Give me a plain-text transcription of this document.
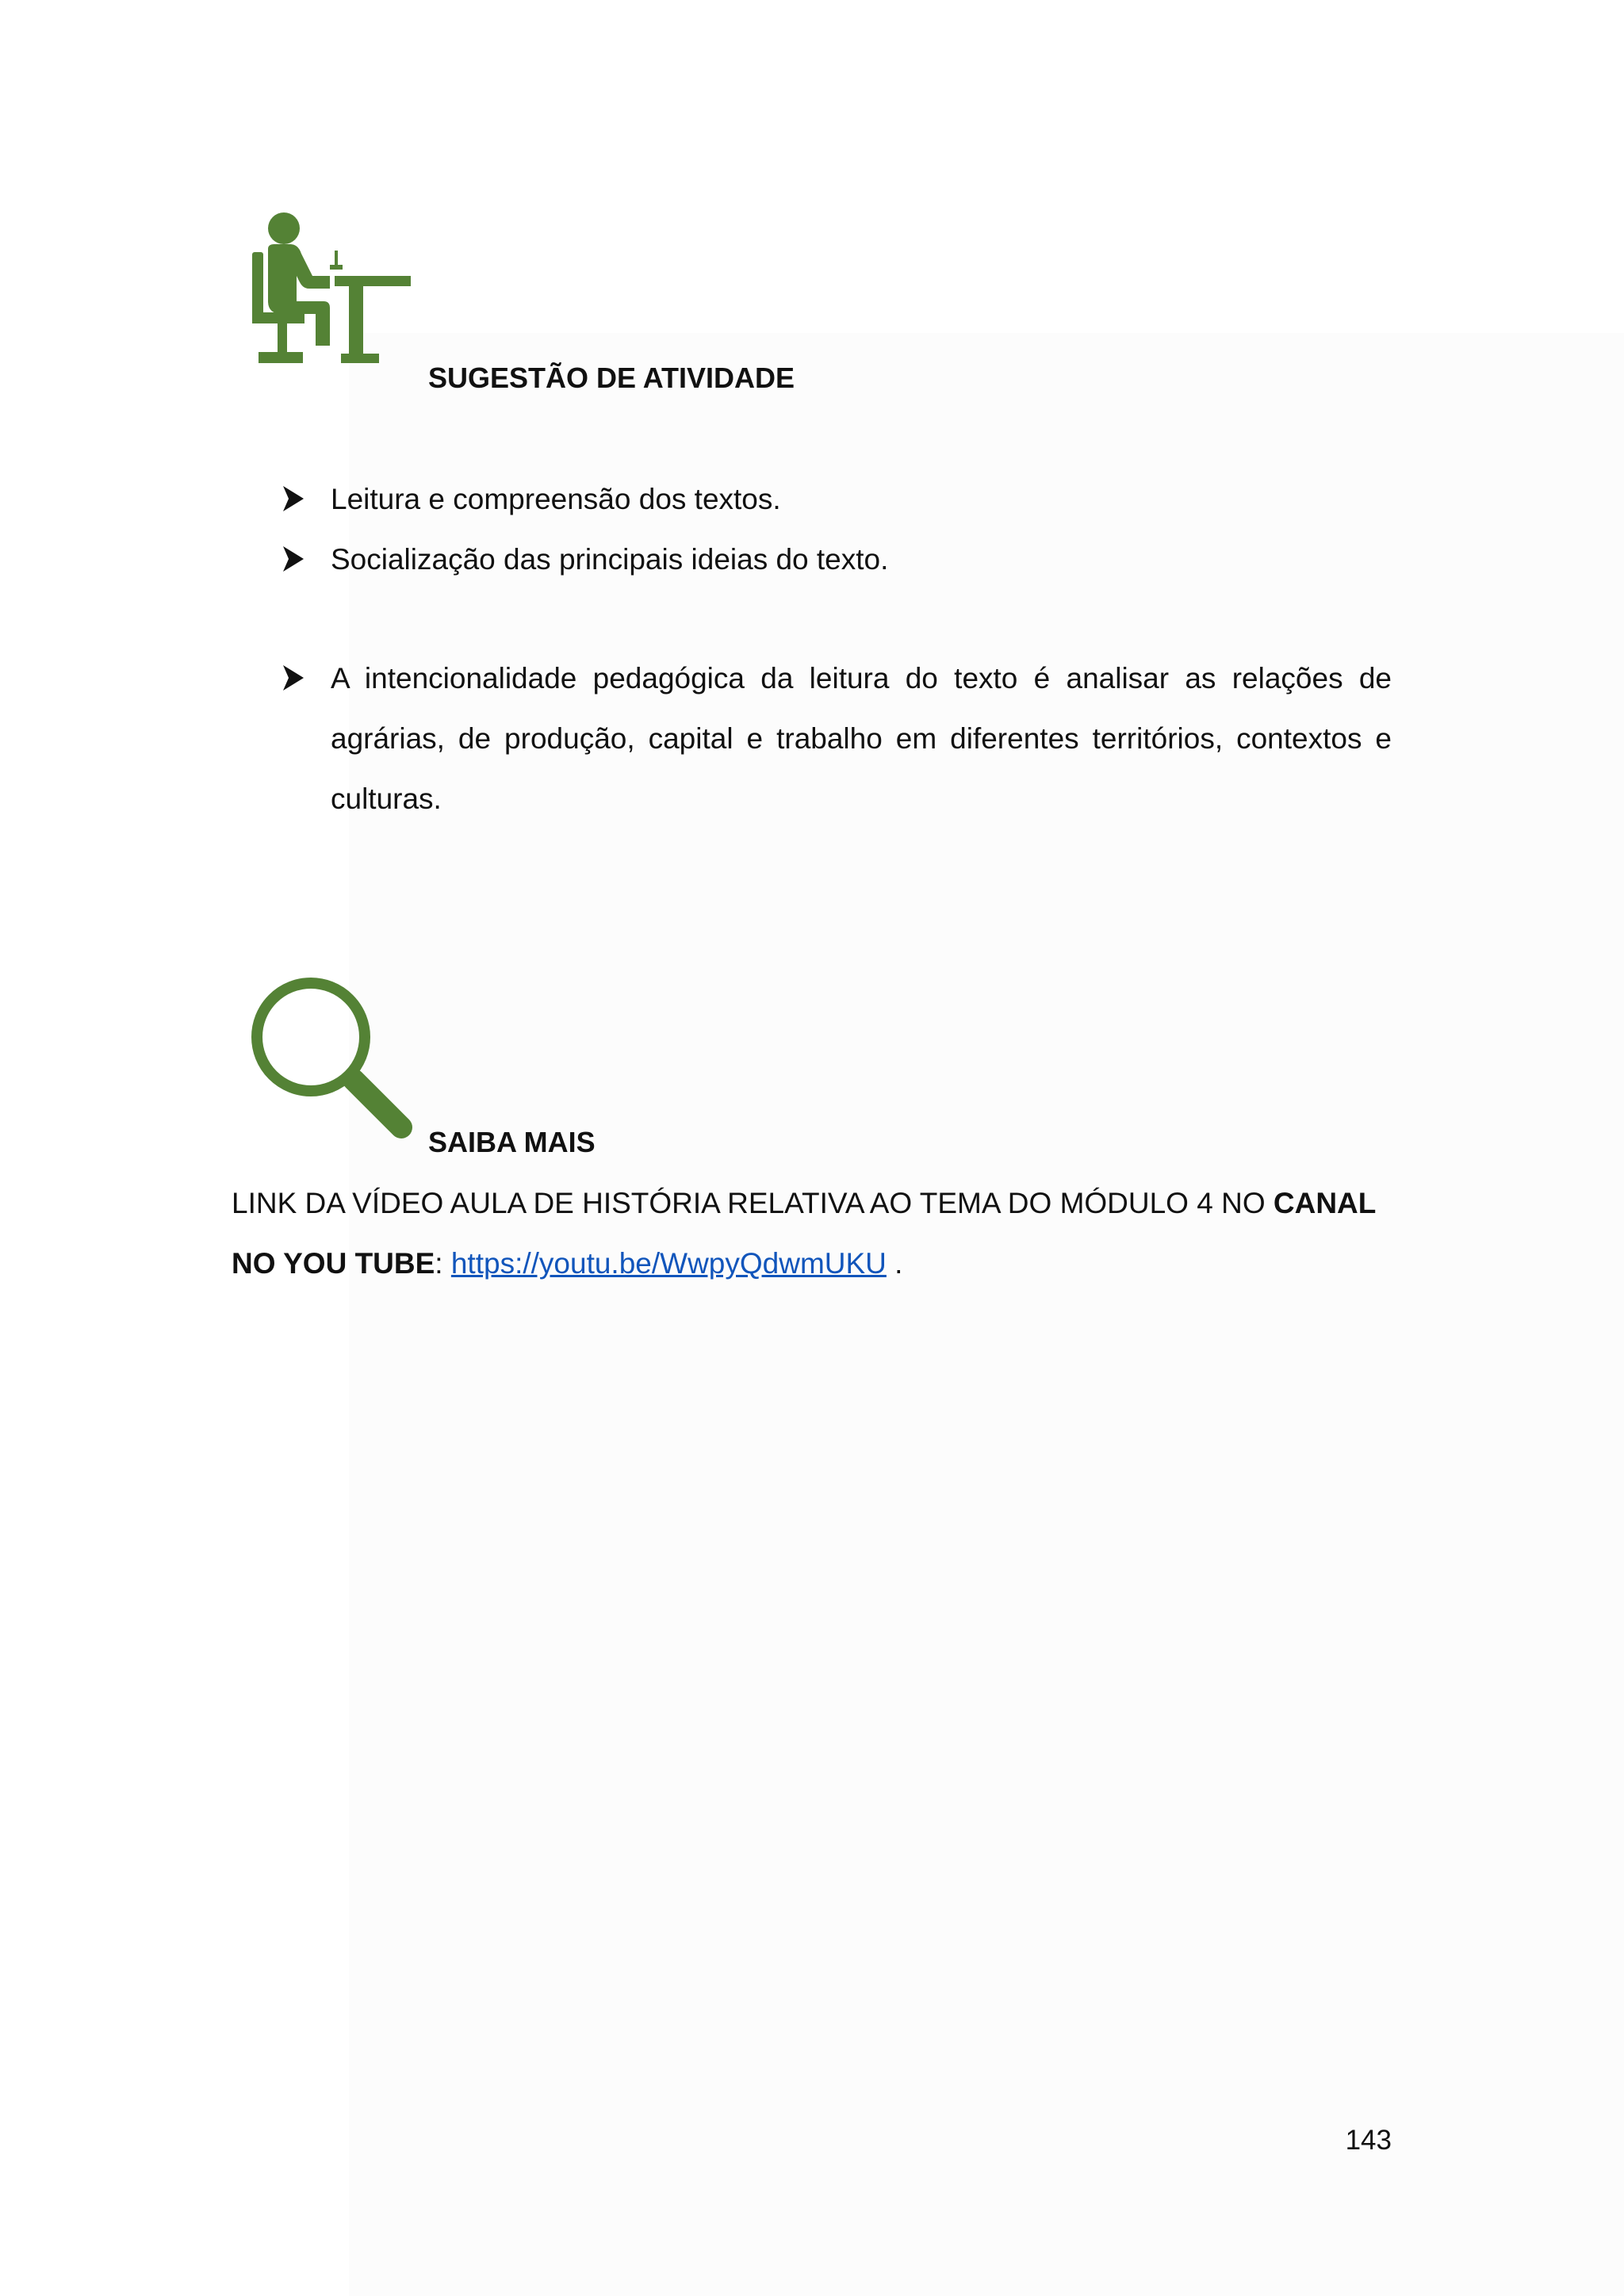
SUGESTÃO DE ATIVIDADE
Leitura e compreensão dos textos.
Socialização das principais ideias do texto.
A intencionalidade pedagógica da leitura do texto é analisar as relações de agrárias, de produção, capital e trabalho em diferentes territórios, contextos e culturas.
SAIBA MAIS
LINK DA VÍDEO AULA DE HISTÓRIA RELATIVA AO TEMA DO MÓDULO 4 NO CANAL NO YOU TUBE: https://youtu.be/WwpyQdwmUKU .
143
